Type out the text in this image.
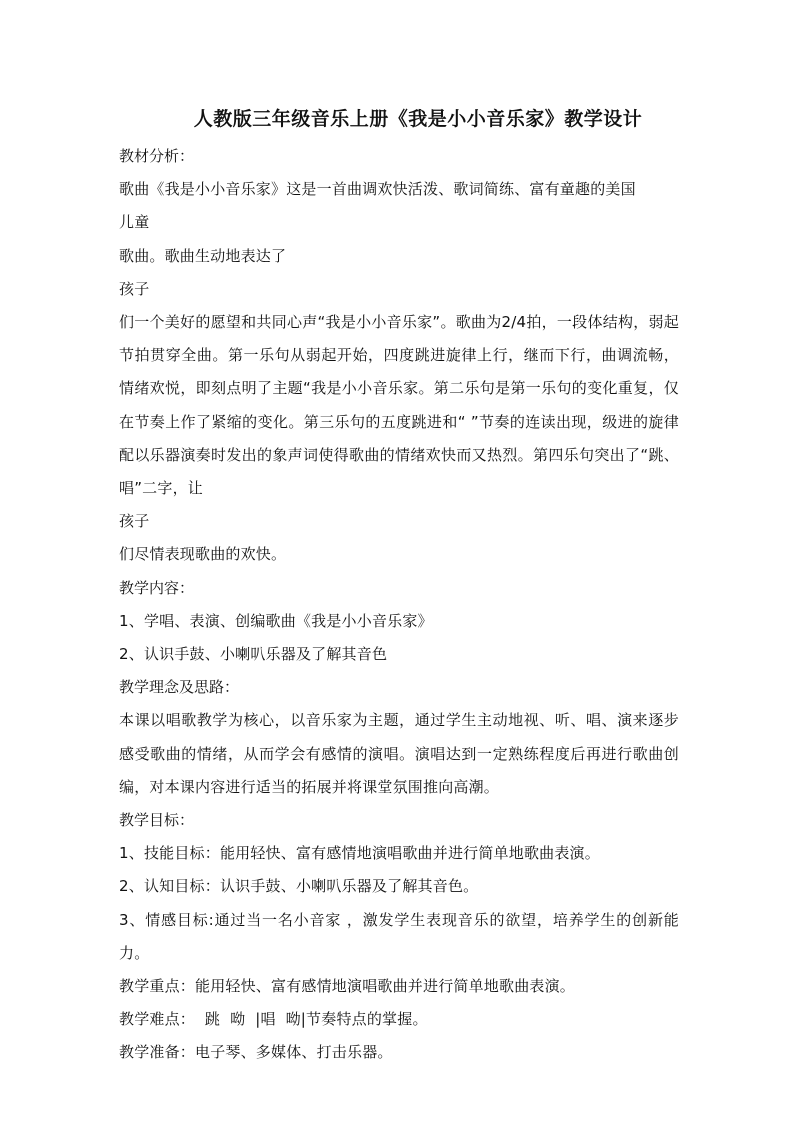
人教版三年级音乐上册《我是小小音乐家》教学设计
教材分析：
歌曲《我是小小音乐家》这是一首曲调欢快活泼、歌词简练、富有童趣的美国
儿童
歌曲。歌曲生动地表达了
孩子
们一个美好的愿望和共同心声“我是小小音乐家”。歌曲为2/4拍，一段体结构，弱起节拍贯穿全曲。第一乐句从弱起开始，四度跳进旋律上行，继而下行，曲调流畅，情绪欢悦，即刻点明了主题“我是小小音乐家。第二乐句是第一乐句的变化重复，仅在节奏上作了紧缩的变化。第三乐句的五度跳进和“ ”节奏的连读出现，级进的旋律配以乐器演奏时发出的象声词使得歌曲的情绪欢快而又热烈。第四乐句突出了“跳、唱”二字，让
孩子
们尽情表现歌曲的欢快。
教学内容：
1、学唱、表演、创编歌曲《我是小小音乐家》
2、认识手鼓、小喇叭乐器及了解其音色
教学理念及思路：
本课以唱歌教学为核心，以音乐家为主题，通过学生主动地视、听、唱、演来逐步感受歌曲的情绪，从而学会有感情的演唱。演唱达到一定熟练程度后再进行歌曲创编，对本课内容进行适当的拓展并将课堂氛围推向高潮。
教学目标：
1、技能目标：能用轻快、富有感情地演唱歌曲并进行简单地歌曲表演。
2、认知目标：认识手鼓、小喇叭乐器及了解其音色。
3、情感目标:通过当一名小音家 ，激发学生表现音乐的欲望，培养学生的创新能力。
教学重点：能用轻快、富有感情地演唱歌曲并进行简单地歌曲表演。
教学难点：  跳  呦  |唱  呦|节奏特点的掌握。
教学准备：电子琴、多媒体、打击乐器。
